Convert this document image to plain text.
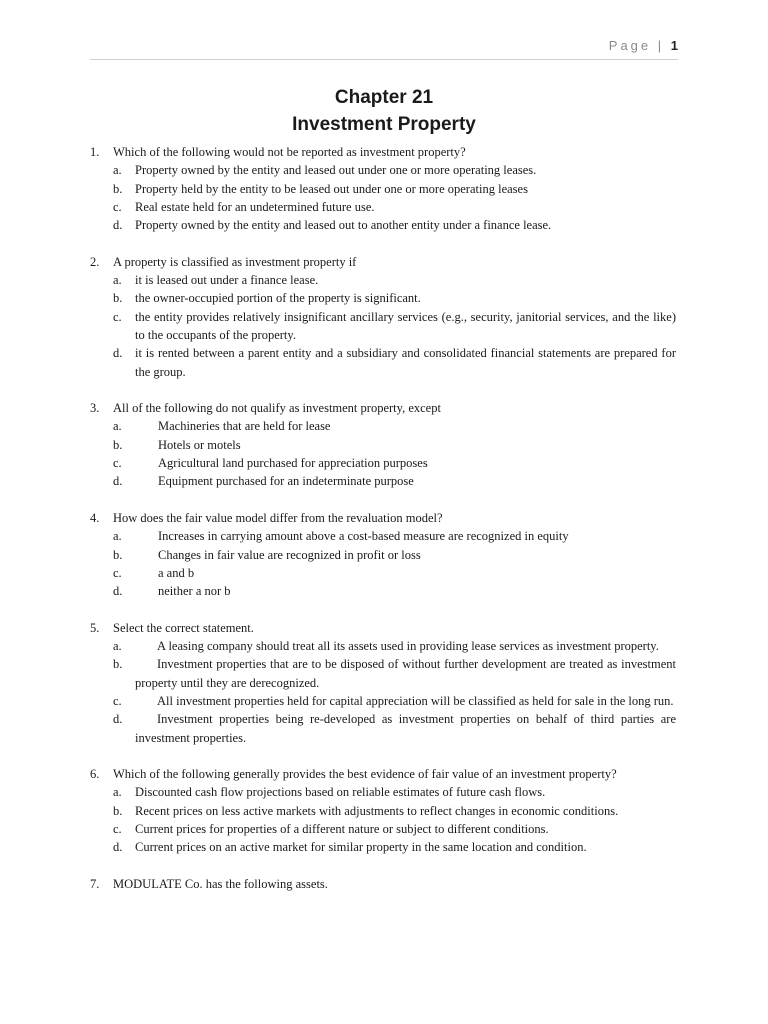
Page | 1
Chapter 21
Investment Property
1. Which of the following would not be reported as investment property?
a. Property owned by the entity and leased out under one or more operating leases.
b. Property held by the entity to be leased out under one or more operating leases
c. Real estate held for an undetermined future use.
d. Property owned by the entity and leased out to another entity under a finance lease.
2. A property is classified as investment property if
a. it is leased out under a finance lease.
b. the owner-occupied portion of the property is significant.
c. the entity provides relatively insignificant ancillary services (e.g., security, janitorial services, and the like) to the occupants of the property.
d. it is rented between a parent entity and a subsidiary and consolidated financial statements are prepared for the group.
3. All of the following do not qualify as investment property, except
a.	Machineries that are held for lease
b.	Hotels or motels
c.	Agricultural land purchased for appreciation purposes
d.	Equipment purchased for an indeterminate purpose
4. How does the fair value model differ from the revaluation model?
a.	Increases in carrying amount above a cost-based measure are recognized in equity
b.	Changes in fair value are recognized in profit or loss
c.	a and b
d.	neither a nor b
5. Select the correct statement.
a.	A leasing company should treat all its assets used in providing lease services as investment property.
b.	Investment properties that are to be disposed of without further development are treated as investment property until they are derecognized.
c.	All investment properties held for capital appreciation will be classified as held for sale in the long run.
d.	Investment properties being re-developed as investment properties on behalf of third parties are investment properties.
6. Which of the following generally provides the best evidence of fair value of an investment property?
a. Discounted cash flow projections based on reliable estimates of future cash flows.
b. Recent prices on less active markets with adjustments to reflect changes in economic conditions.
c. Current prices for properties of a different nature or subject to different conditions.
d. Current prices on an active market for similar property in the same location and condition.
7. MODULATE Co. has the following assets.
